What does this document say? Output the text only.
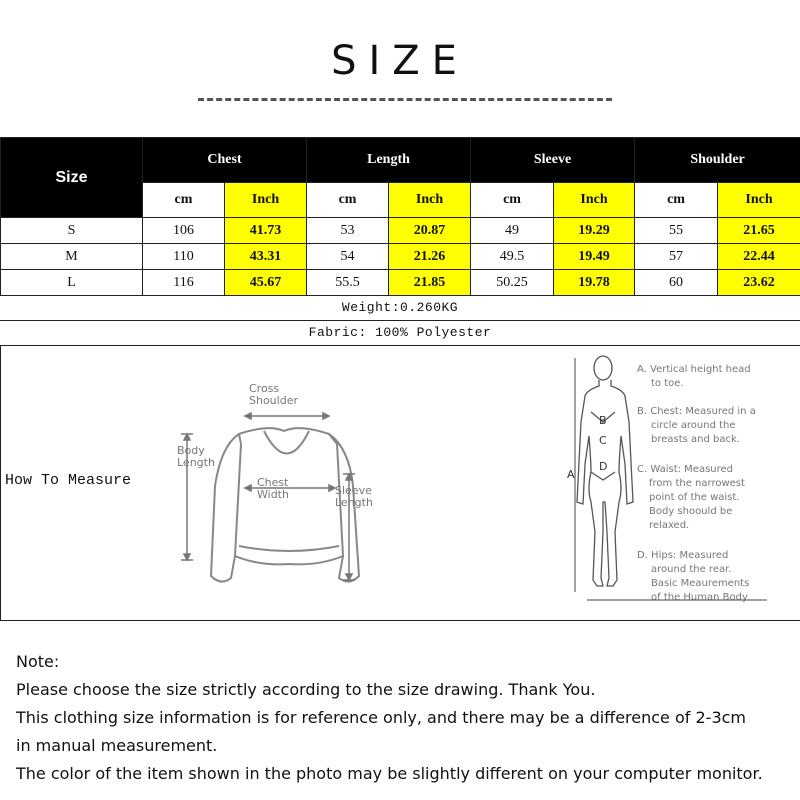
SIZE
Size	Chest		Length		Sleeve		Shoulder	
	cm	Inch	cm	Inch	cm	Inch	cm	Inch
S	106	41.73	53	20.87	49	19.29	55	21.65
M	110	43.31	54	21.26	49.5	19.49	57	22.44
L	116	45.67	55.5	21.85	50.25	19.78	60	23.62
Weight:0.260KG
Fabric: 100% Polyester
How To Measure
Cross
Shoulder
Body
Length
Chest
Width	Sleeve
Length
A
B
C
D
A. Vertical height head
to toe.
B. Chest: Measured in a
circle around the
breasts and back.
C. Waist: Measured
from the narrowest
point of the waist.
Body shoould be
relaxed.
D. Hips: Measured
around the rear.
Basic Meaurements
of the Human Body
Note:
Please choose the size strictly according to the size drawing. Thank You.
This clothing size information is for reference only, and there may be a difference of 2-3cm
in manual measurement.
The color of the item shown in the photo may be slightly different on your computer monitor.
